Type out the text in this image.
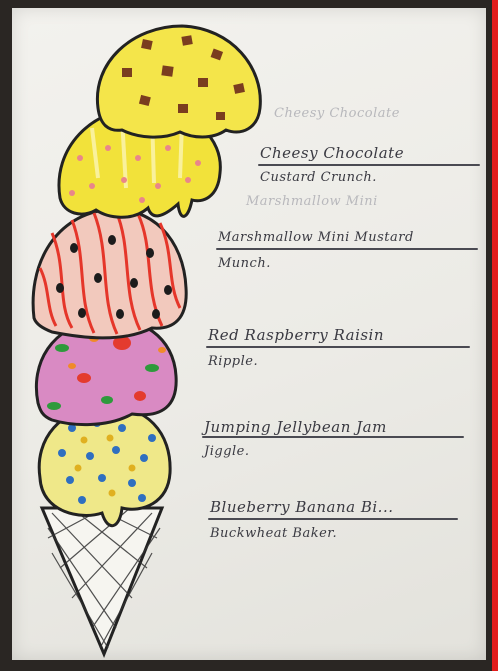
Cheesy Chocolate
Marshmallow Mini
Cheesy Chocolate
Custard Crunch.
Marshmallow Mini Mustard
Munch.
Red Raspberry Raisin
Ripple.
Jumping Jellybean Jam
Jiggle.
Blueberry Banana Bi...
Buckwheat Baker.
